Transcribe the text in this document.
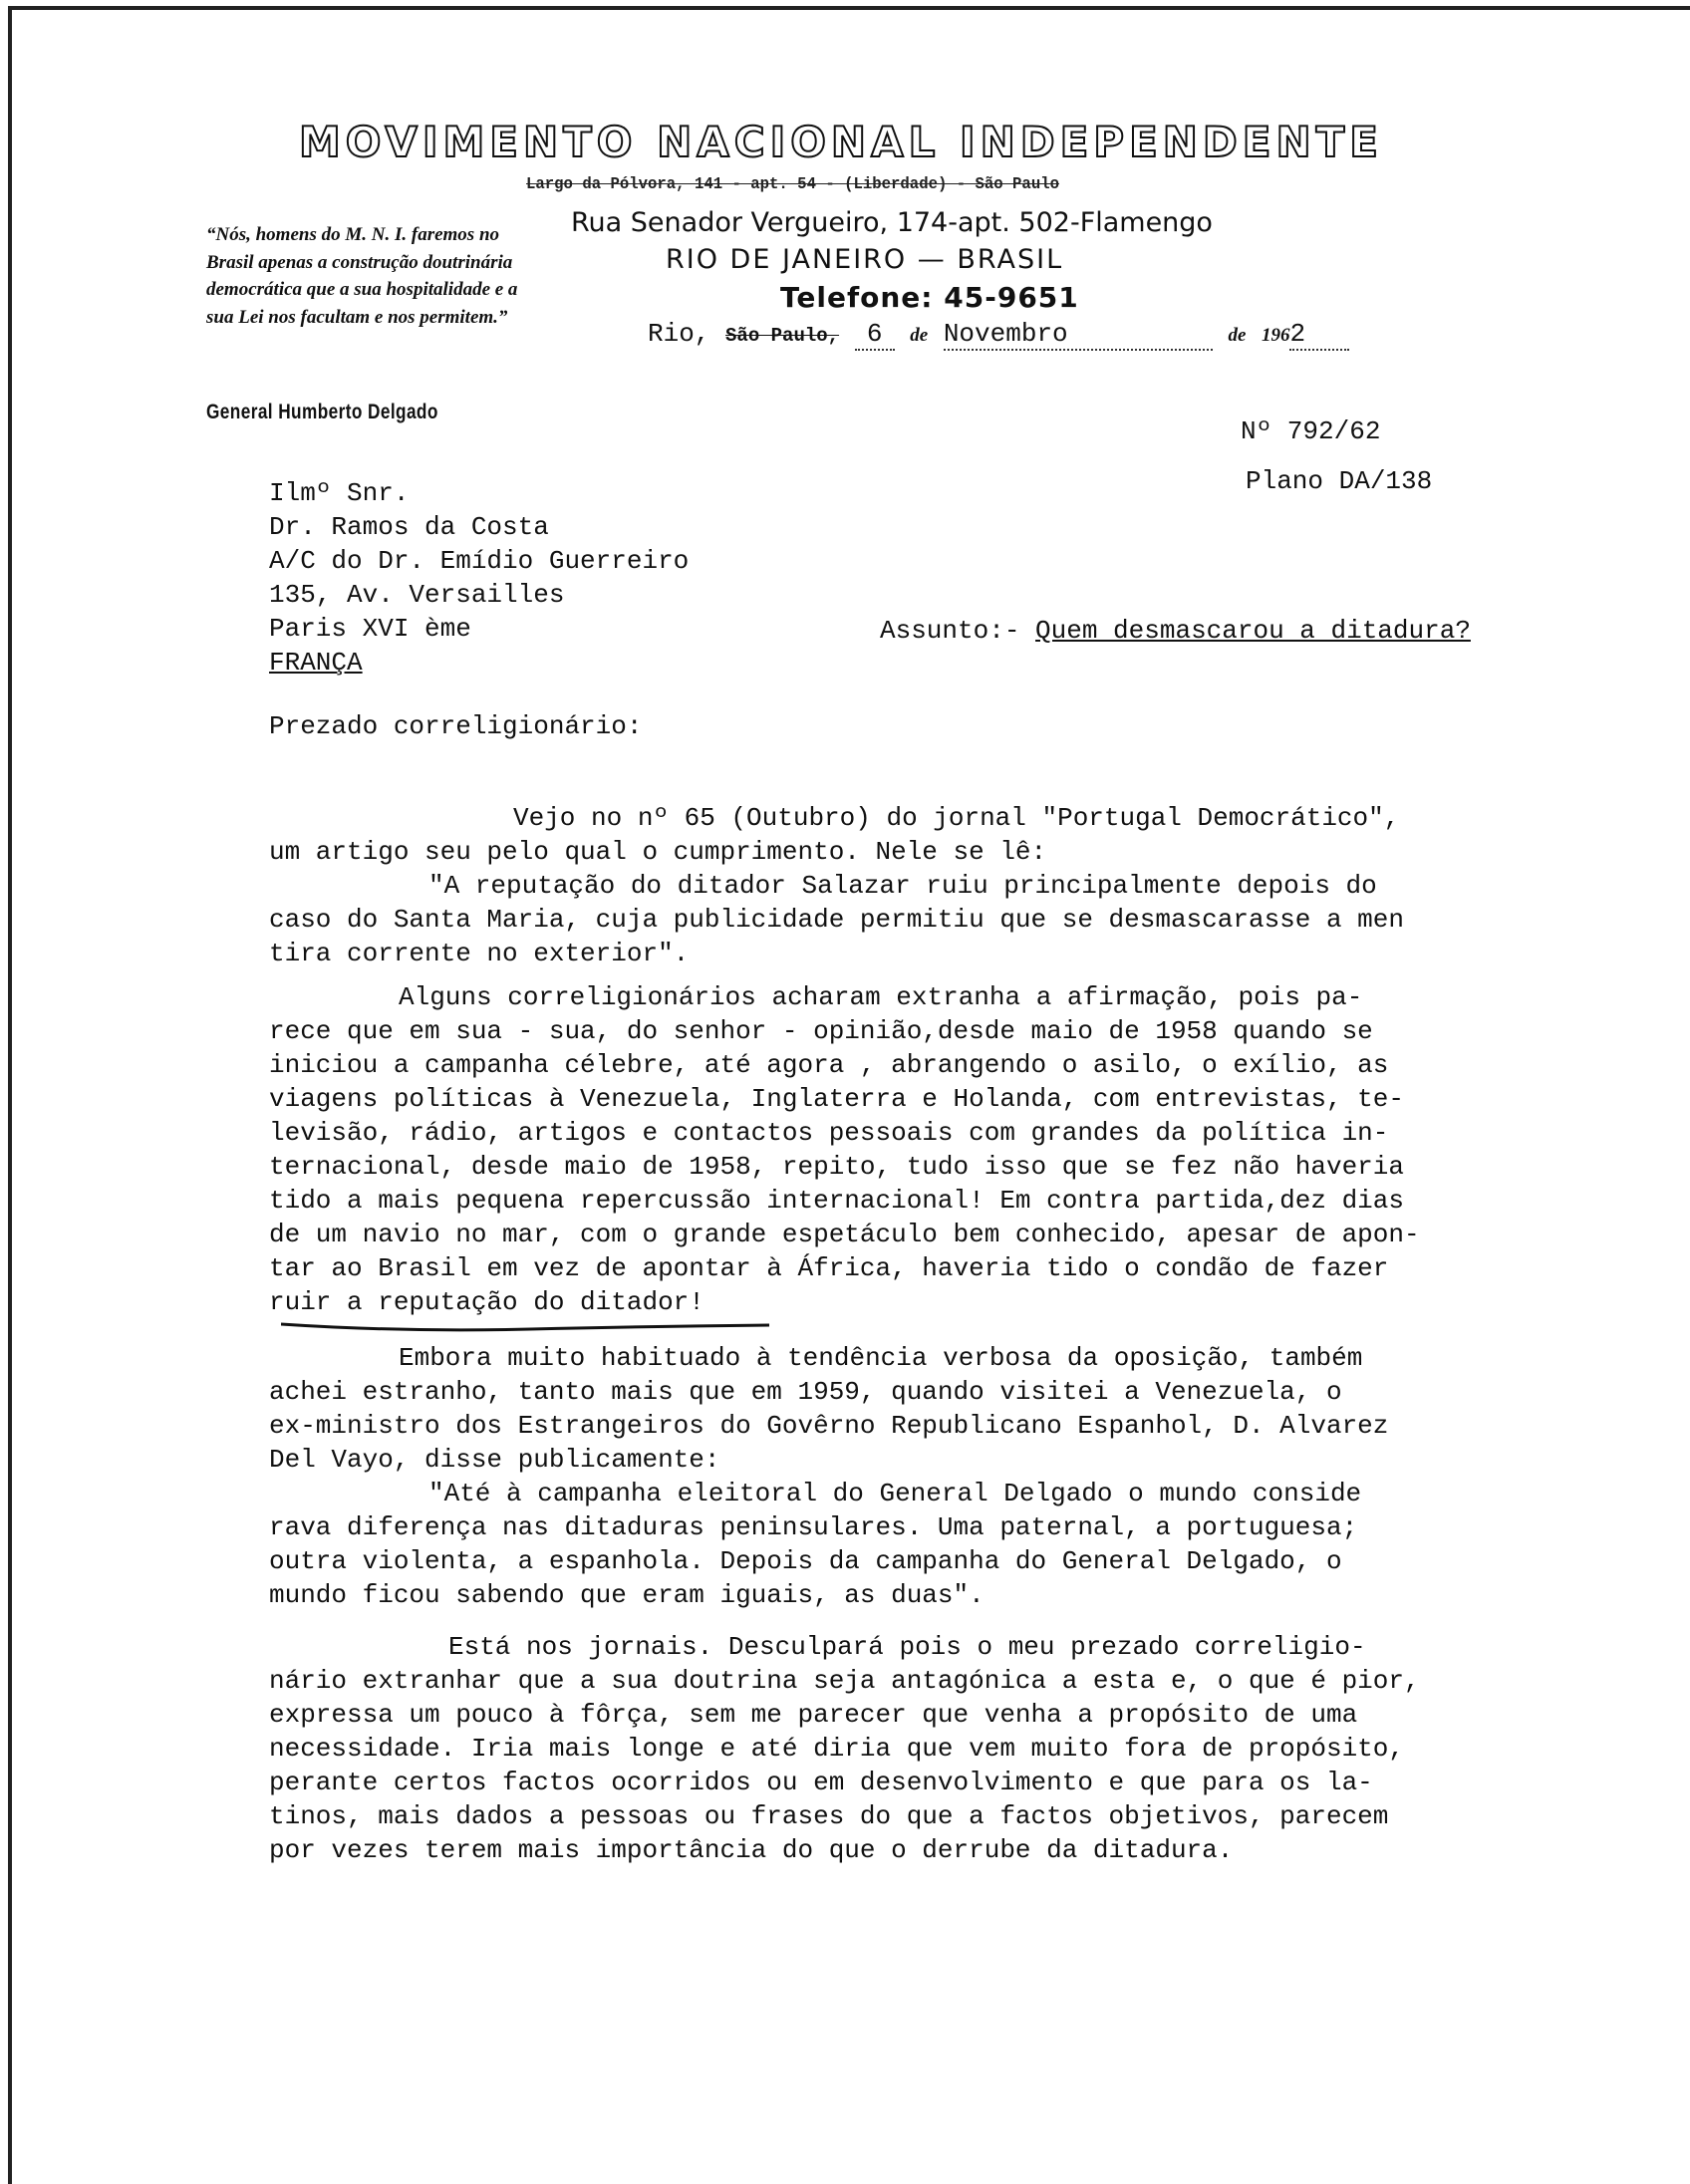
MOVIMENTO NACIONAL INDEPENDENTE
Largo da Pólvora, 141 - apt. 54 - (Liberdade) - São Paulo

“Nós, homens do M. N. I. faremos no Brasil apenas a construção doutrinária democrática que a sua hospitalidade e a sua Lei nos facultam e nos permitem.”

General Humberto Delgado
Rua Senador Vergueiro, 174-apt. 502-Flamengo
RIO DE JANEIRO — BRASIL
Telefone: 45-9651
Rio, São Paulo, 6 de Novembro	de 1962
Nº 792/62
Plano DA/138
Ilmº Snr.
Dr. Ramos da Costa
A/C do Dr. Emídio Guerreiro
135, Av. Versailles
Paris XVI ème
FRANÇA
Assunto:- Quem desmascarou a ditadura?
Prezado correligionário:
Vejo no nº 65 (Outubro) do jornal "Portugal Democrático",
um artigo seu pelo qual o cumprimento. Nele se lê:
"A reputação do ditador Salazar ruiu principalmente depois do
caso do Santa Maria, cuja publicidade permitiu que se desmascarasse a men
tira corrente no exterior".
Alguns correligionários acharam extranha a afirmação, pois pa-
rece que em sua - sua, do senhor - opinião,desde maio de 1958 quando se
iniciou a campanha célebre, até agora , abrangendo o asilo, o exílio, as
viagens políticas à Venezuela, Inglaterra e Holanda, com entrevistas, te-
levisão, rádio, artigos e contactos pessoais com grandes da política in-
ternacional, desde maio de 1958, repito, tudo isso que se fez não haveria
tido a mais pequena repercussão internacional! Em contra partida,dez dias
de um navio no mar, com o grande espetáculo bem conhecido, apesar de apon-
tar ao Brasil em vez de apontar à África, haveria tido o condão de fazer
ruir a reputação do ditador!
Embora muito habituado à tendência verbosa da oposição, também
achei estranho, tanto mais que em 1959, quando visitei a Venezuela, o
ex-ministro dos Estrangeiros do Govêrno Republicano Espanhol, D. Alvarez
Del Vayo, disse publicamente:
"Até à campanha eleitoral do General Delgado o mundo conside
rava diferença nas ditaduras peninsulares. Uma paternal, a portuguesa;
outra violenta, a espanhola. Depois da campanha do General Delgado, o
mundo ficou sabendo que eram iguais, as duas".
Está nos jornais. Desculpará pois o meu prezado correligio-
nário extranhar que a sua doutrina seja antagónica a esta e, o que é pior,
expressa um pouco à fôrça, sem me parecer que venha a propósito de uma
necessidade. Iria mais longe e até diria que vem muito fora de propósito,
perante certos factos ocorridos ou em desenvolvimento e que para os la-
tinos, mais dados a pessoas ou frases do que a factos objetivos, parecem
por vezes terem mais importância do que o derrube da ditadura.
